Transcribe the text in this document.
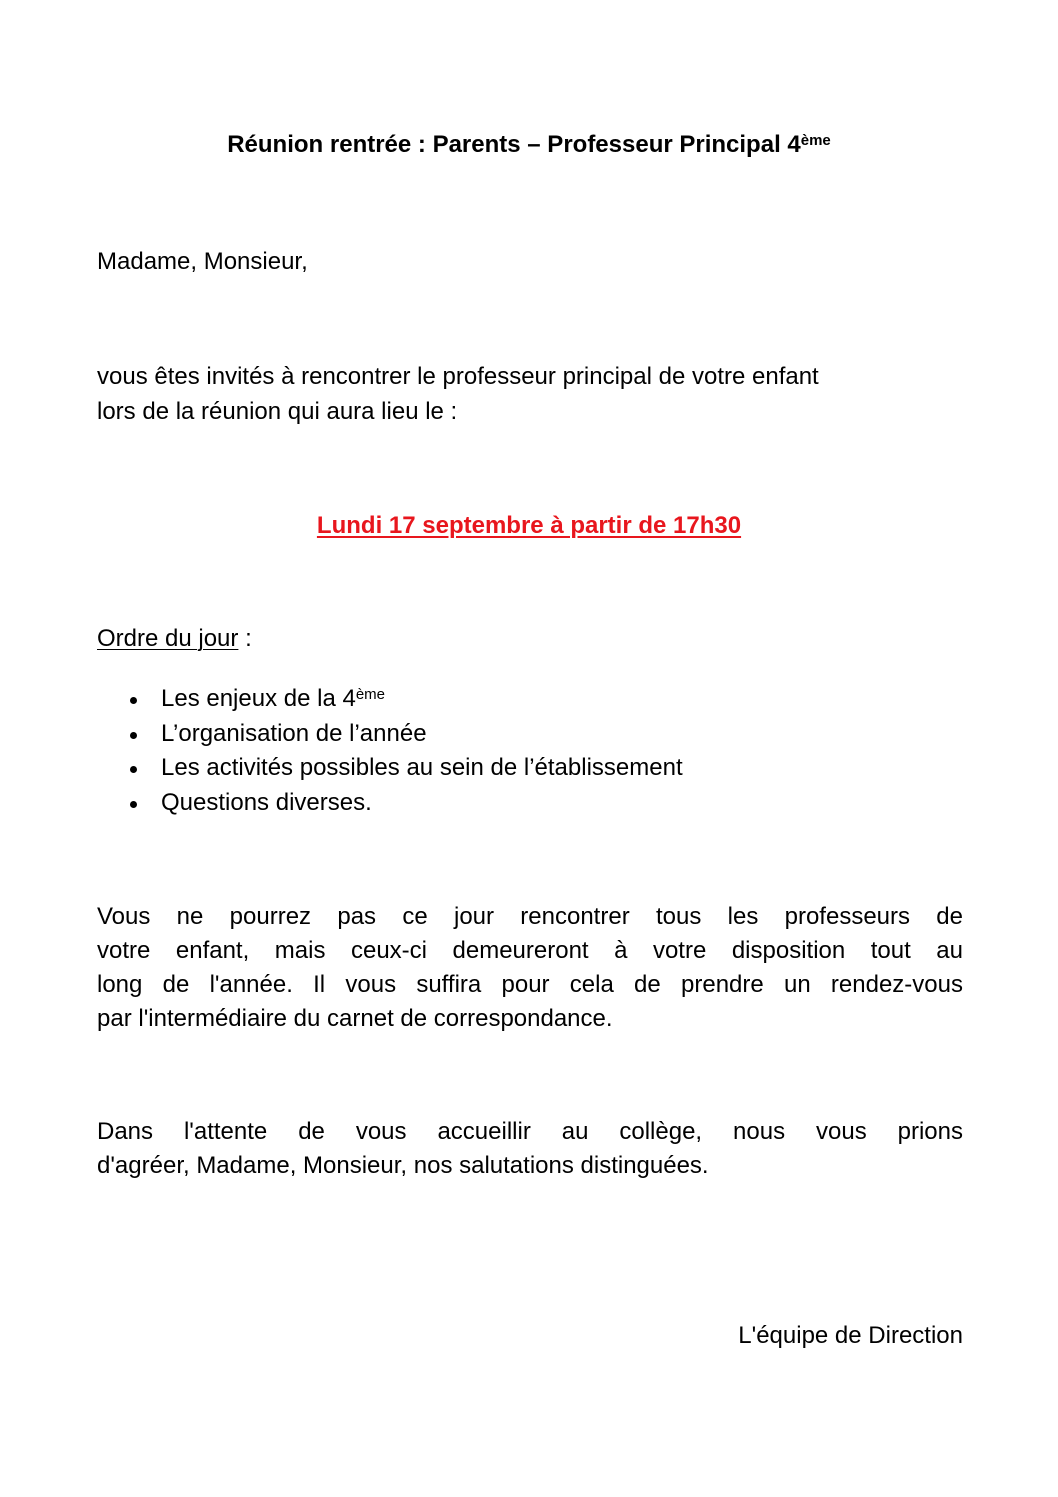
Réunion rentrée : Parents – Professeur Principal 4ème
Madame, Monsieur,
vous êtes invités à rencontrer le professeur principal de votre enfant
lors de la réunion qui aura lieu le :
Lundi 17 septembre à partir de 17h30
Ordre du jour :
Les enjeux de la 4ème
L’organisation de l’année
Les activités possibles au sein de l’établissement
Questions diverses.
Vous ne pourrez pas ce jour rencontrer tous les professeurs de
votre enfant, mais ceux-ci demeureront à votre disposition tout au
long de l'année. Il vous suffira pour cela de prendre un rendez-vous
par l'intermédiaire du carnet de correspondance.
Dans l'attente de vous accueillir au collège, nous vous prions
d'agréer, Madame, Monsieur, nos salutations distinguées.
L'équipe de Direction
